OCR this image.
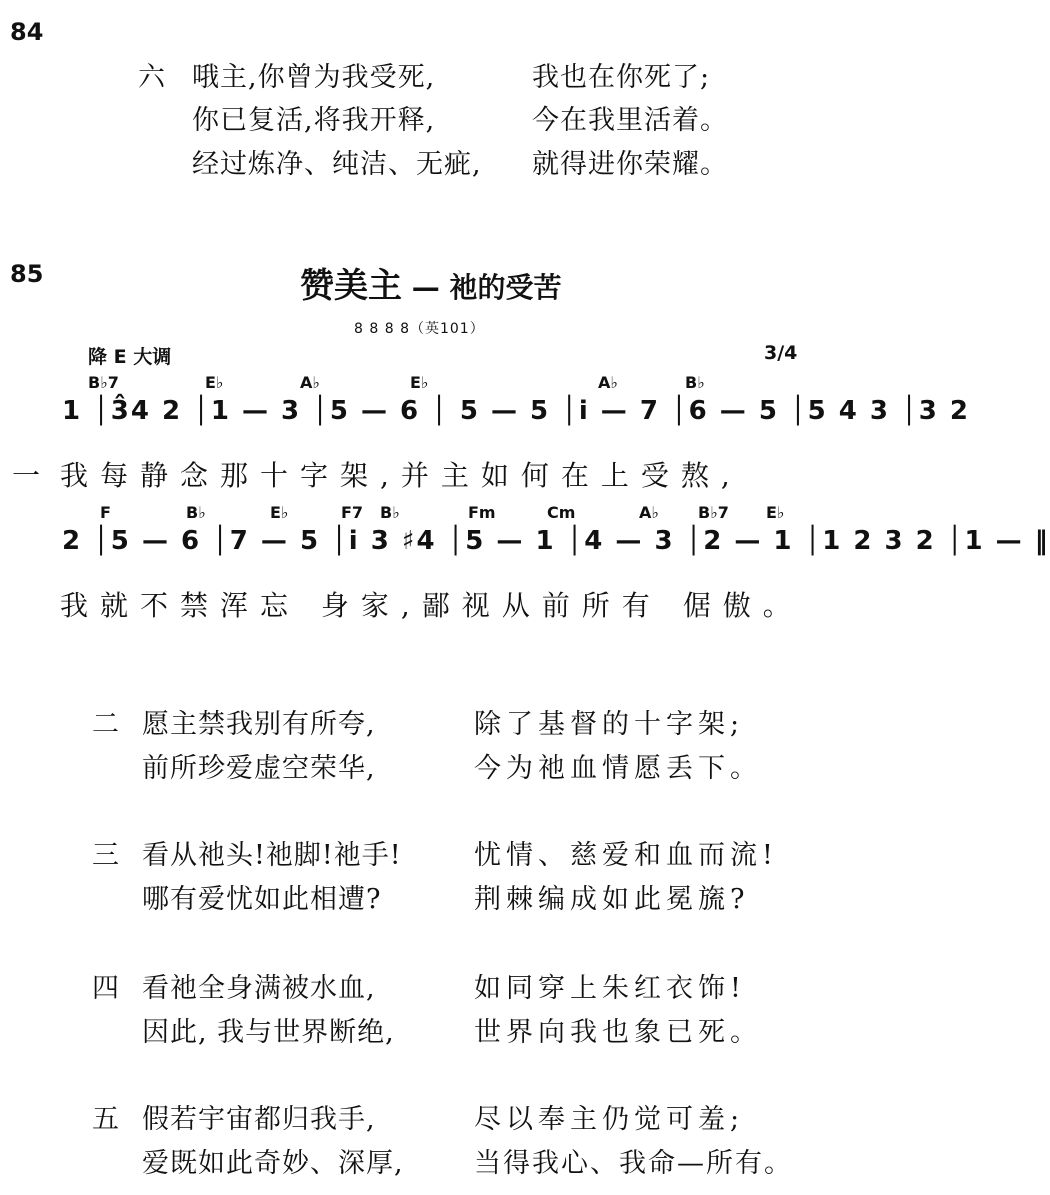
84
六 哦主,你曾为我受死,	我也在你死了;
你已复活,将我开释,	今在我里活着。
经过炼净、纯洁、无疵, 就得进你荣耀。
85	赞美主 — 祂的受苦
8 8 8 8（英101）
降 E 大调	3/4
B♭7	E♭	A♭	E♭	A♭	B♭
1 │3̂4 2 │1 — 3 │5 — 6 │ 5 — 5 │i — 7 │6 — 5 │5 4 3 │3 2
一 我每静念那十字架,并主如何在上受熬,
F	B♭	E♭	F7 B♭	Fm	Cm	A♭ B♭7 E♭
2 │5 — 6 │7 — 5 │i 3 ♯4 │5 — 1 │4 — 3 │2 — 1 │1 2 3 2 │1 — ‖
我就不禁浑忘 身家,鄙视从前所有 倨傲。
二 愿主禁我别有所夸,	除了基督的十字架;
前所珍爱虚空荣华,	今为祂血情愿丢下。
三 看从祂头!祂脚!祂手!	忧情、慈爱和血而流!
哪有爱忧如此相遭?	荆棘编成如此冕旒?
四 看祂全身满被水血,	如同穿上朱红衣饰!
因此, 我与世界断绝,	世界向我也象已死。
五 假若宇宙都归我手,	尽以奉主仍觉可羞;
爱既如此奇妙、深厚,	当得我心、我命—所有。
